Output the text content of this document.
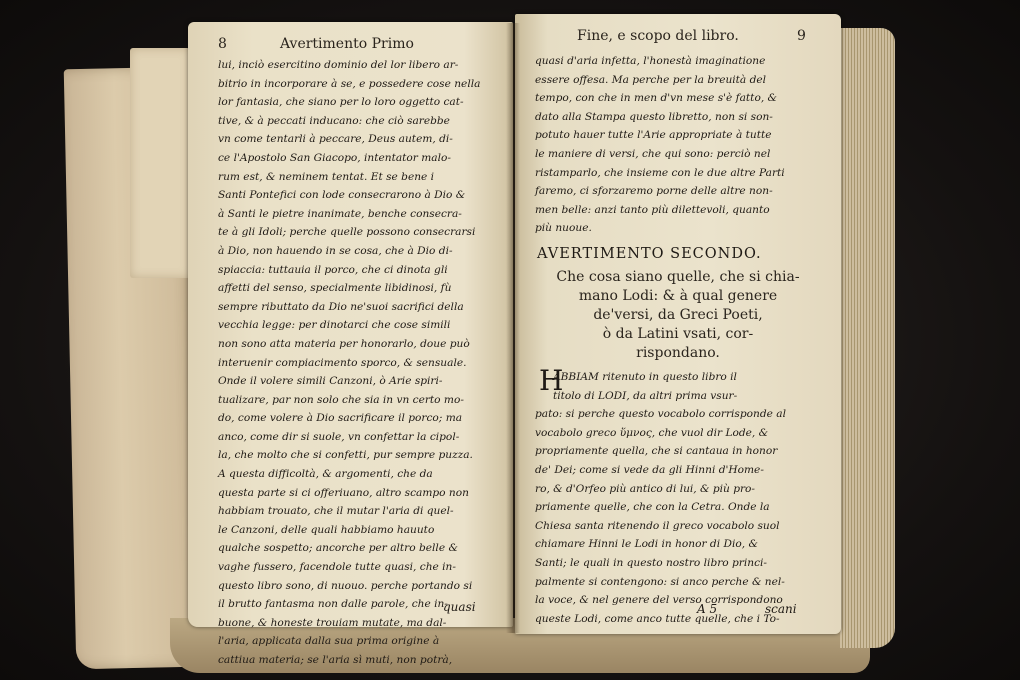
8	Avertimento Primo
lui, inciò esercitino dominio del lor libero ar-
bitrio in incorporare à se, e possedere cose nella
lor fantasia, che siano per lo loro oggetto cat-
tive, & à peccati inducano: che ciò sarebbe
vn come tentarli à peccare, Deus autem, di-
ce l'Apostolo San Giacopo, intentator malo-
rum est, & neminem tentat. Et se bene i
Santi Pontefici con lode consecrarono à Dio &
à Santi le pietre inanimate, benche consecra-
te à gli Idoli; perche quelle possono consecrarsi
à Dio, non hauendo in se cosa, che à Dio di-
spiaccia: tuttauia il porco, che ci dinota gli
affetti del senso, specialmente libidinosi, fù
sempre ributtato da Dio ne'suoi sacrifici della
vecchia legge: per dinotarci che cose simili
non sono atta materia per honorarlo, doue può
interuenir compiacimento sporco, & sensuale.
Onde il volere simili Canzoni, ò Arie spiri-
tualizare, par non solo che sia in vn certo mo-
do, come volere à Dio sacrificare il porco; ma
anco, come dir si suole, vn confettar la cipol-
la, che molto che si confetti, pur sempre puzza.
A questa difficoltà, & argomenti, che da
questa parte si ci offeriuano, altro scampo non
habbiam trouato, che il mutar l'aria di quel-
le Canzoni, delle quali habbiamo hauuto
qualche sospetto; ancorche per altro belle &
vaghe fussero, facendole tutte quasi, che in-
questo libro sono, di nuouo. perche portando si
il brutto fantasma non dalle parole, che in-
buone, & honeste trouiam mutate, ma dal-
l'aria, applicata dalla sua prima origine à
cattiua materia; se l'aria sì muti, non potrà,
quasi
Fine, e scopo del libro.	9
quasi d'aria infetta, l'honestà imaginatione
essere offesa. Ma perche per la breuità del
tempo, con che in men d'vn mese s'è fatto, &
dato alla Stampa questo libretto, non si son-
potuto hauer tutte l'Arie appropriate à tutte
le maniere di versi, che qui sono: perciò nel
ristamparlo, che insieme con le due altre Parti
faremo, ci sforzaremo porne delle altre non-
men belle: anzi tanto più dilettevoli, quanto
più nuoue.
AVERTIMENTO SECONDO.
Che cosa siano quelle, che si chia-
mano Lodi: & à qual genere
de'versi, da Greci Poeti,
ò da Latini vsati, cor-
rispondano.
H
ABBIAM ritenuto in questo libro il
titolo di LODI, da altri prima vsur-
pato: si perche questo vocabolo corrisponde al
vocabolo greco ὕμνος, che vuol dir Lode, &
propriamente quella, che si cantaua in honor
de' Dei; come si vede da gli Hinni d'Home-
ro, & d'Orfeo più antico di lui, & più pro-
priamente quelle, che con la Cetra. Onde la
Chiesa santa ritenendo il greco vocabolo suol
chiamare Hinni le Lodi in honor di Dio, &
Santi; le quali in questo nostro libro princi-
palmente si contengono: si anco perche & nel-
la voce, & nel genere del verso corrispondono
queste Lodi, come anco tutte quelle, che i To-
A 5	scani
